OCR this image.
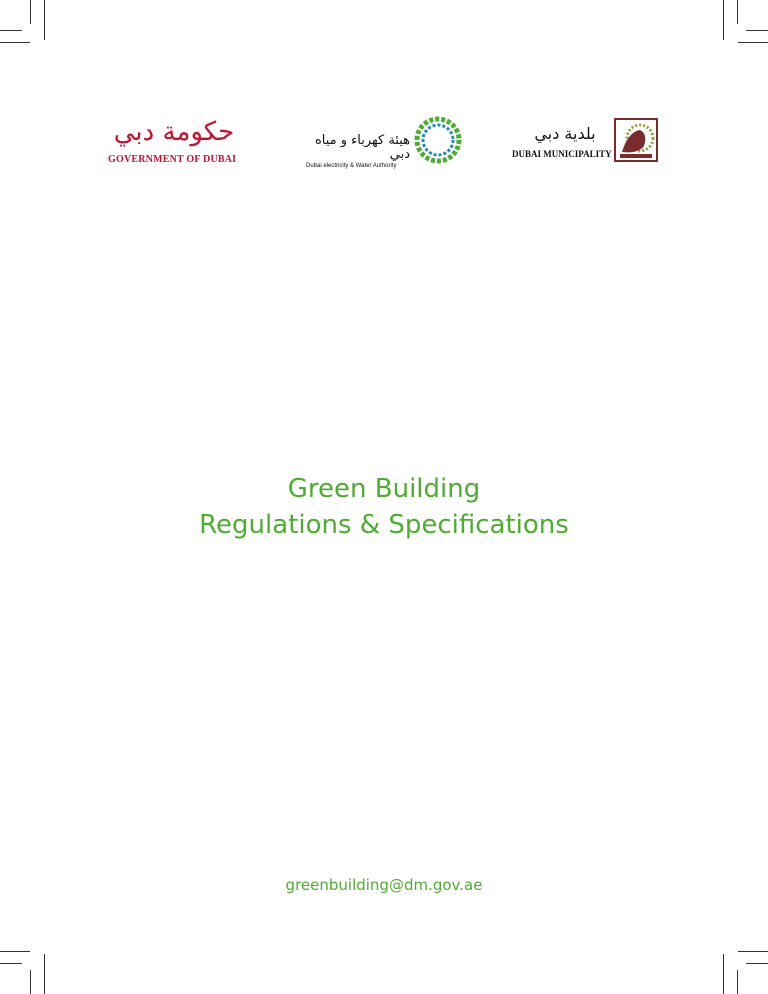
حكومة دبي
GOVERNMENT OF DUBAI
هيئة كهرباء و مياه دبي
Dubai electricity & Water Authority
بلدية دبي
DUBAI MUNICIPALITY
Green Building
Regulations & Specifications
greenbuilding@dm.gov.ae
